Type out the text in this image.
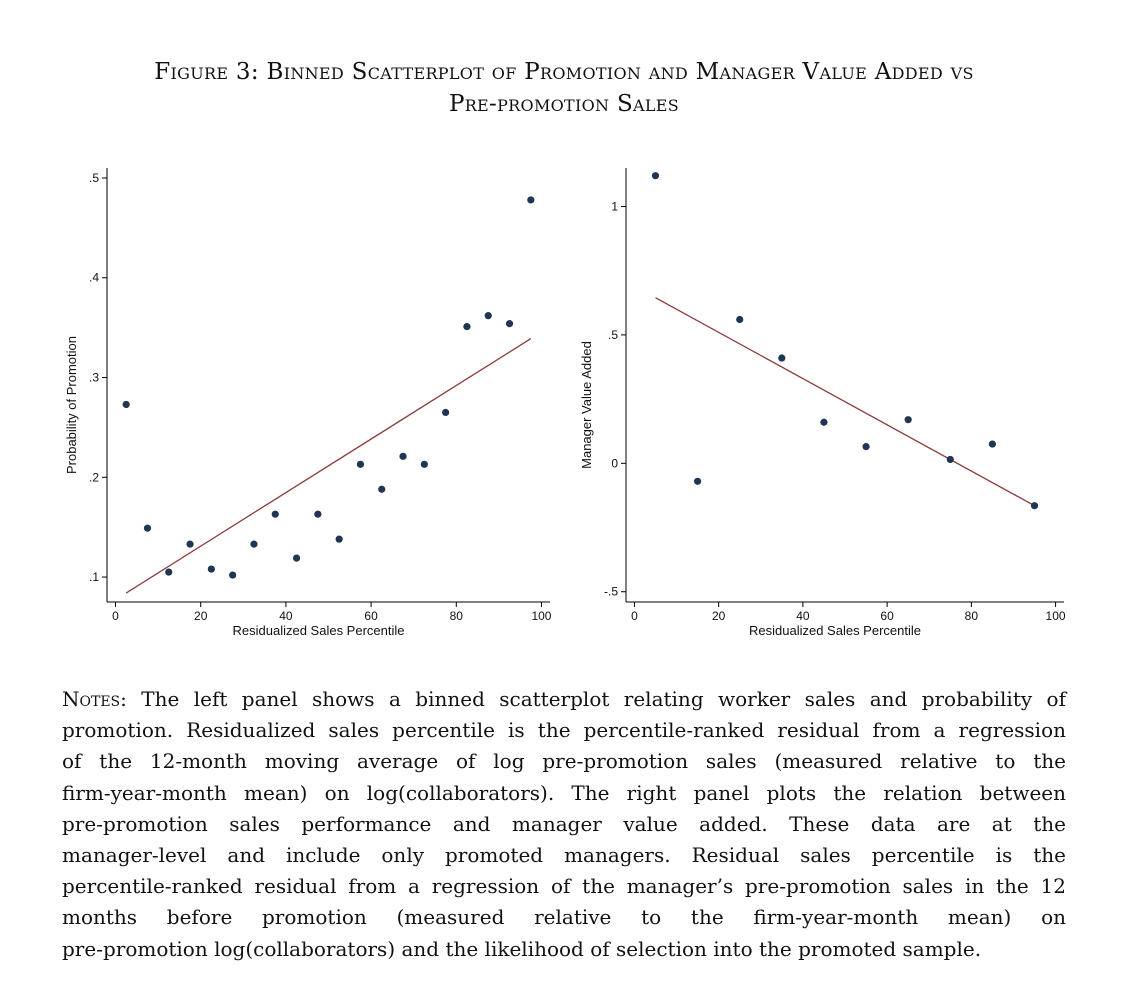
Figure 3: Binned Scatterplot of Promotion and Manager Value Added vs
Pre-promotion Sales
0	20	40	60	80	100
.1
.2
.3
.4
.5
Residualized Sales Percentile
Probability of Promotion
0	20	40	60	80	100
-.5
0
.5
1
Residualized Sales Percentile
Manager Value Added
Notes: The left panel shows a binned scatterplot relating worker sales and probability of
promotion. Residualized sales percentile is the percentile-ranked residual from a regression
of the 12-month moving average of log pre-promotion sales (measured relative to the
firm-year-month mean) on log(collaborators). The right panel plots the relation between
pre-promotion sales performance and manager value added. These data are at the
manager-level and include only promoted managers. Residual sales percentile is the
percentile-ranked residual from a regression of the manager’s pre-promotion sales in the 12
months before promotion (measured relative to the firm-year-month mean) on
pre-promotion log(collaborators) and the likelihood of selection into the promoted sample.
